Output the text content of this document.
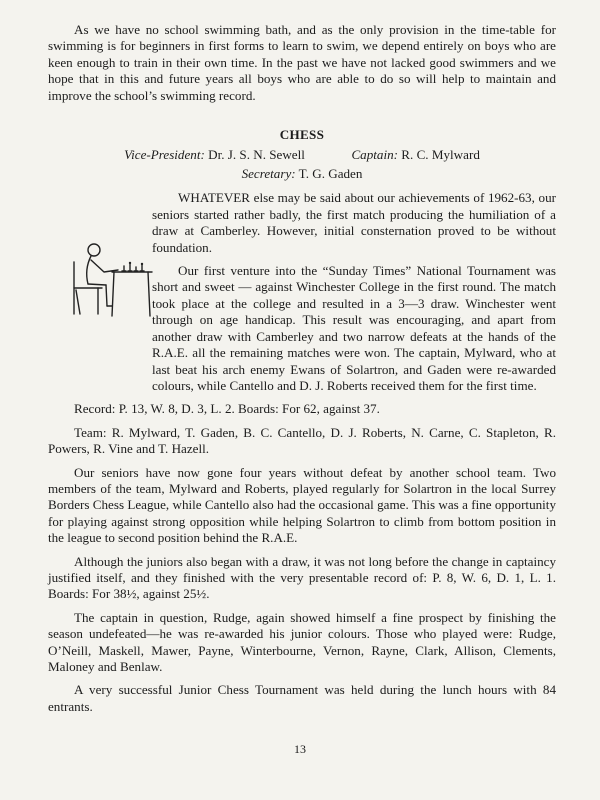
As we have no school swimming bath, and as the only provision in the time-table for swimming is for beginners in first forms to learn to swim, we depend entirely on boys who are keen enough to train in their own time. In the past we have not lacked good swimmers and we hope that in this and future years all boys who are able to do so will help to maintain and improve the school’s swimming record.

CHESS
Vice-President: Dr. J. S. N. Sewell	Captain: R. C. Mylward
Secretary: T. G. Gaden

WHATEVER else may be said about our achievements of 1962-63, our seniors started rather badly, the first match producing the humiliation of a draw at Camberley. However, initial consternation proved to be without foundation.

Our first venture into the “Sunday Times” National Tournament was short and sweet — against Winchester College in the first round. The match took place at the college and resulted in a 3—3 draw. Winchester went through on age handicap. This result was encouraging, and apart from another draw with Camberley and two narrow defeats at the hands of the R.A.E. all the remaining matches were won. The captain, Mylward, who at last beat his arch enemy Ewans of Solartron, and Gaden were re-awarded colours, while Cantello and D. J. Roberts received them for the first time.

Record: P. 13, W. 8, D. 3, L. 2. Boards: For 62, against 37.

Team: R. Mylward, T. Gaden, B. C. Cantello, D. J. Roberts, N. Carne, C. Stapleton, R. Powers, R. Vine and T. Hazell.

Our seniors have now gone four years without defeat by another school team. Two members of the team, Mylward and Roberts, played regularly for Solartron in the local Surrey Borders Chess League, while Cantello also had the occasional game. This was a fine opportunity for playing against strong opposition while helping Solartron to climb from bottom position in the league to second position behind the R.A.E.

Although the juniors also began with a draw, it was not long before the change in captaincy justified itself, and they finished with the very presentable record of: P. 8, W. 6, D. 1, L. 1. Boards: For 38½, against 25½.

The captain in question, Rudge, again showed himself a fine prospect by finishing the season undefeated—he was re-awarded his junior colours. Those who played were: Rudge, O’Neill, Maskell, Mawer, Payne, Winterbourne, Vernon, Rayne, Clark, Allison, Clements, Maloney and Benlaw.

A very successful Junior Chess Tournament was held during the lunch hours with 84 entrants.

13
